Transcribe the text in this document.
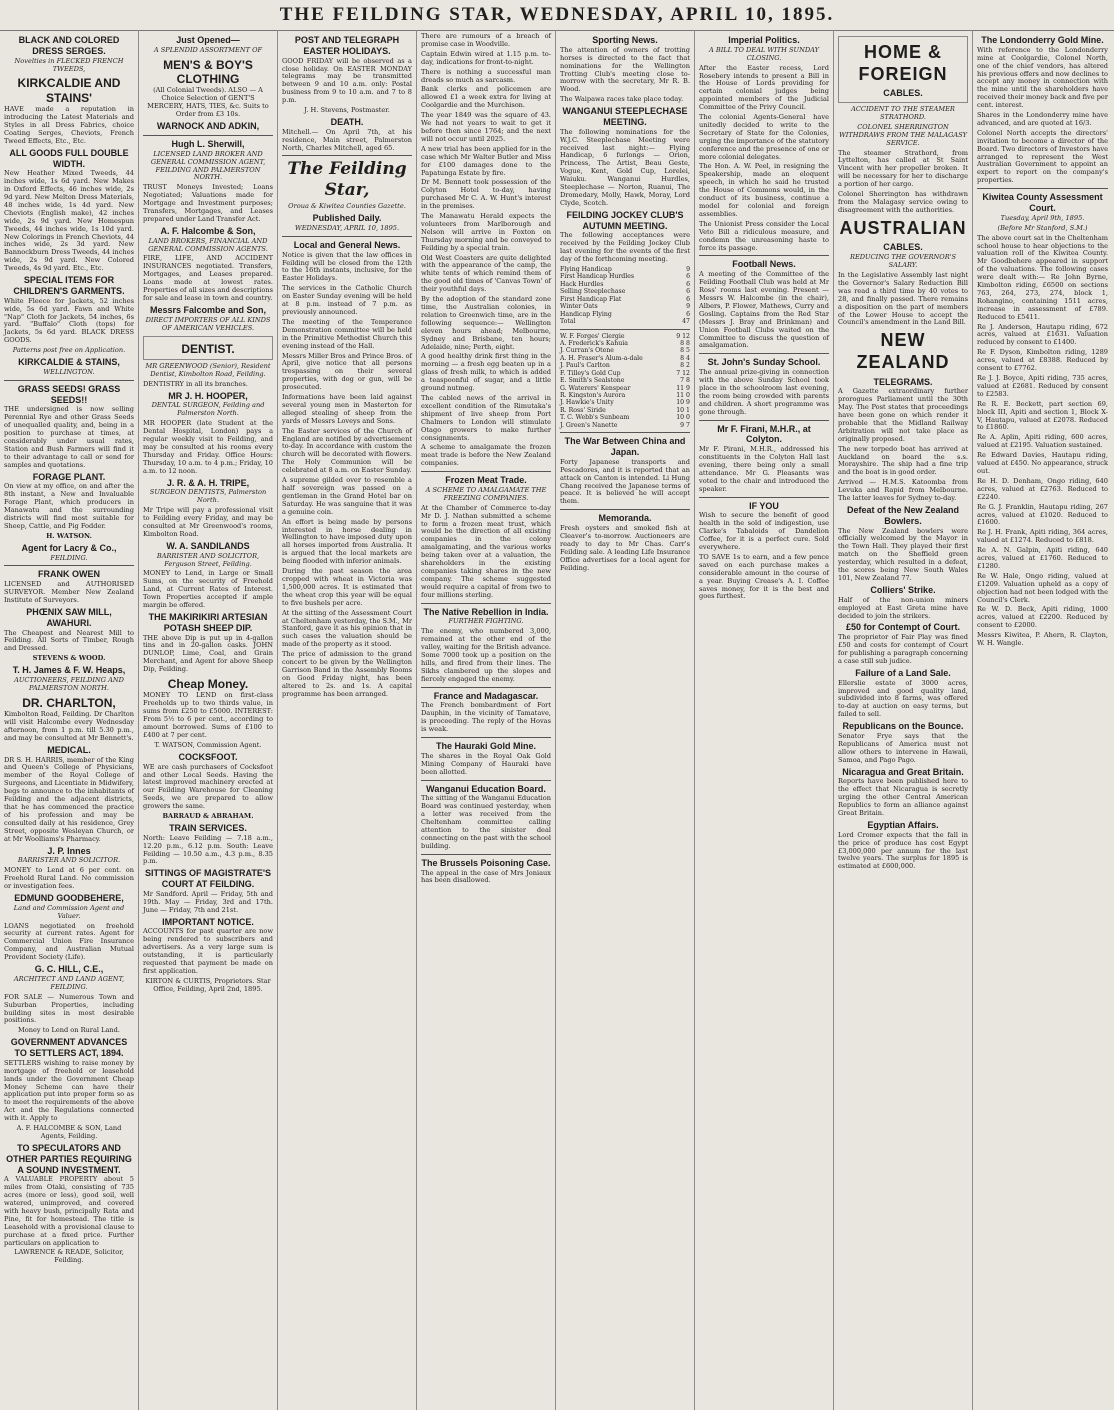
THE FEILDING STAR, WEDNESDAY, APRIL 10, 1895.
BLACK AND COLORED DRESS SERGES.
Novelties in FLECKED FRENCH TWEEDS,
KIRKCALDIE AND STAINS'
HAVE made a reputation in introducing the Latest Materials and Styles in all Dress Fabrics, choice Coating Serges, Cheviots, French Tweed Effects, Etc., Etc.
ALL GOODS FULL DOUBLE WIDTH.
New Heather Mixed Tweeds, 44 inches wide, 1s 6d yard. New Makes in Oxford Effects, 46 inches wide, 2s 9d yard. New Melton Dress Materials, 48 inches wide, 1s 4d yard. New Cheviots (English make), 42 inches wide, 2s 9d yard. New Homespun Tweeds, 44 inches wide, 1s 10d yard. New Colorings in French Cheviots, 44 inches wide, 2s 3d yard. New Bannockburn Dress Tweeds, 44 inches wide, 2s 9d yard. New Colored Tweeds, 4s 9d yard. Etc., Etc.
SPECIAL ITEMS FOR CHILDREN'S GARMENTS.
White Fleece for Jackets, 52 inches wide, 5s 6d yard. Fawn and White "Nap" Cloth for Jackets, 54 inches, 6s yard. "Buffalo" Cloth (tops) for Jackets, 5s 6d yard. BLACK DRESS GOODS.
Patterns post free on Application.
KIRKCALDIE & STAINS,
WELLINGTON.
GRASS SEEDS! GRASS SEEDS!!
THE undersigned is now selling Perennial Rye and other Grass Seeds of unequalled quality, and, being in a position to purchase at times, at considerably under usual rates, Station and Bush Farmers will find it to their advantage to call or send for samples and quotations.
FORAGE PLANT.
On view at my office, on and after the 8th instant, a New and Invaluable Forage Plant, which producers in Manawatu and the surrounding districts will find most suitable for Sheep, Cattle, and Pig Fodder.
H. WATSON.
Agent for Lacry & Co.,
FEILDING.
FRANK OWEN
LICENSED and AUTHORISED SURVEYOR. Member New Zealand Institute of Surveyors.
PHŒNIX SAW MILL, AWAHURI.
The Cheapest and Nearest Mill to Feilding. All Sorts of Timber, Rough and Dressed.
STEVENS & WOOD.
T. H. James & F. W. Heaps,
AUCTIONEERS, FEILDING AND PALMERSTON NORTH.
DR. CHARLTON,
Kimbolton Road, Feilding. Dr Charlton will visit Halcombe every Wednesday afternoon, from 1 p.m. till 5.30 p.m., and may be consulted at Mr Bennett's.
MEDICAL.
DR S. H. HARRIS, member of the King and Queen's College of Physicians, member of the Royal College of Surgeons, and Licentiate in Midwifery, begs to announce to the inhabitants of Feilding and the adjacent districts, that he has commenced the practice of his profession and may be consulted daily at his residence, Grey Street, opposite Wesleyan Church, or at Mr Woolliams's Pharmacy.
J. P. Innes
BARRISTER AND SOLICITOR.
MONEY to Lend at 6 per cent. on Freehold Rural Land. No commission or investigation fees.
EDMUND GOODBEHERE,
Land and Commission Agent and Valuer.
LOANS negotiated on freehold security at current rates. Agent for Commercial Union Fire Insurance Company, and Australian Mutual Provident Society (Life).
G. C. HILL, C.E.,
ARCHITECT AND LAND AGENT, FEILDING.
FOR SALE — Numerous Town and Suburban Properties, including building sites in most desirable positions.
Money to Lend on Rural Land.
GOVERNMENT ADVANCES TO SETTLERS ACT, 1894.
SETTLERS wishing to raise money by mortgage of freehold or leasehold lands under the Government Cheap Money Scheme can have their application put into proper form so as to meet the requirements of the above Act and the Regulations connected with it. Apply to
A. F. HALCOMBE & SON, Land Agents, Feilding.
TO SPECULATORS AND OTHER PARTIES REQUIRING A SOUND INVESTMENT.
A VALUABLE PROPERTY about 5 miles from Otaki, consisting of 735 acres (more or less), good soil, well watered, unimproved, and covered with heavy bush, principally Rata and Pine, fit for homestead. The title is Leasehold with a provisional clause to purchase at a fixed price. Further particulars on application to
LAWRENCE & READE, Solicitor, Feilding.
Just Opened—
A SPLENDID ASSORTMENT OF
MEN'S & BOY'S CLOTHING
(All Colonial Tweeds). ALSO — A Choice Selection of GENT'S MERCERY, HATS, TIES, &c. Suits to Order from £3 10s.
WARNOCK AND ADKIN,
Hugh L. Sherwill,
LICENSED LAND BROKER AND GENERAL COMMISSION AGENT, FEILDING AND PALMERSTON NORTH.
TRUST Moneys Invested; Loans Negotiated; Valuations made for Mortgage and Investment purposes; Transfers, Mortgages, and Leases prepared under Land Transfer Act.
A. F. Halcombe & Son,
LAND BROKERS, FINANCIAL AND GENERAL COMMISSION AGENTS.
FIRE, LIFE, AND ACCIDENT INSURANCES negotiated. Transfers, Mortgages, and Leases prepared. Loans made at lowest rates. Properties of all sizes and descriptions for sale and lease in town and country.
Messrs Falcombe and Son,
DIRECT IMPORTERS OF ALL KINDS OF AMERICAN VEHICLES.
DENTIST.
MR GREENWOOD (Senior), Resident Dentist, Kimbolton Road, Feilding.
DENTISTRY in all its branches.
MR J. H. HOOPER,
DENTAL SURGEON, Feilding and Palmerston North.
MR HOOPER (late Student at the Dental Hospital, London) pays a regular weekly visit to Feilding, and may be consulted at his rooms every Thursday and Friday. Office Hours: Thursday, 10 a.m. to 4 p.m.; Friday, 10 a.m. to 12 noon.
J. R. & A. H. TRIPE,
SURGEON DENTISTS, Palmerston North.
Mr Tripe will pay a professional visit to Feilding every Friday, and may be consulted at Mr Greenwood's rooms, Kimbolton Road.
W. A. SANDILANDS
BARRISTER AND SOLICITOR, Ferguson Street, Feilding.
MONEY to Lend, in Large or Small Sums, on the security of Freehold Land, at Current Rates of Interest. Town Properties accepted if ample margin be offered.
THE MAKIRIKIRI ARTESIAN POTASH SHEEP DIP.
THE above Dip is put up in 4-gallon tins and in 20-gallon casks. JOHN DUNLOP, Lime, Coal, and Grain Merchant, and Agent for above Sheep Dip, Feilding.
Cheap Money.
MONEY TO LEND on first-class Freeholds up to two thirds value, in sums from £250 to £5000. INTEREST: From 5½ to 6 per cent., according to amount borrowed. Sums of £100 to £400 at 7 per cent.
T. WATSON, Commission Agent.
COCKSFOOT.
WE are cash purchasers of Cocksfoot and other Local Seeds. Having the latest improved machinery erected at our Feilding Warehouse for Cleaning Seeds, we are prepared to allow growers the same.
BARRAUD & ABRAHAM.
TRAIN SERVICES.
North: Leave Feilding — 7.18 a.m., 12.20 p.m., 6.12 p.m. South: Leave Feilding — 10.50 a.m., 4.3 p.m., 8.35 p.m.
SITTINGS OF MAGISTRATE'S COURT AT FEILDING.
Mr Sandford. April — Friday, 5th and 19th. May — Friday, 3rd and 17th. June — Friday, 7th and 21st.
IMPORTANT NOTICE.
ACCOUNTS for past quarter are now being rendered to subscribers and advertisers. As a very large sum is outstanding, it is particularly requested that payment be made on first application.
KIRTON & CURTIS, Proprietors. Star Office, Feilding, April 2nd, 1895.
POST AND TELEGRAPH EASTER HOLIDAYS.
GOOD FRIDAY will be observed as a close holiday. On EASTER MONDAY telegrams may be transmitted between 9 and 10 a.m. only: Postal business from 9 to 10 a.m. and 7 to 8 p.m.
J. H. Stevens, Postmaster.
DEATH.
Mitchell.— On April 7th, at his residence, Main street, Palmerston North, Charles Mitchell, aged 65.
The Feilding Star,
Oroua & Kiwitea Counties Gazette.
Published Daily.
WEDNESDAY, APRIL 10, 1895.
Local and General News.
Notice is given that the law offices in Feilding will be closed from the 12th to the 16th instants, inclusive, for the Easter Holidays.
The services in the Catholic Church on Easter Sunday evening will be held at 8 p.m. instead of 7 p.m. as previously announced.
The meeting of the Temperance Demonstration committee will be held in the Primitive Methodist Church this evening instead of the Hall.
Messrs Miller Bros and Prince Bros. of April, give notice that all persons trespassing on their several properties, with dog or gun, will be prosecuted.
Informations have been laid against several young men in Masterton for alleged stealing of sheep from the yards of Messrs Loveys and Sons.
The Easter services of the Church of England are notified by advertisement to-day. In accordance with custom the church will be decorated with flowers. The Holy Communion will be celebrated at 8 a.m. on Easter Sunday.
A supreme gilded over to resemble a half sovereign was passed on a gentleman in the Grand Hotel bar on Saturday. He was sanguine that it was a genuine coin.
An effort is being made by persons interested in horse dealing in Wellington to have imposed duty upon all horses imported from Australia. It is argued that the local markets are being flooded with inferior animals.
During the past season the area cropped with wheat in Victoria was 1,500,000 acres. It is estimated that the wheat crop this year will be equal to five bushels per acre.
At the sitting of the Assessment Court at Cheltenham yesterday, the S.M., Mr Stanford, gave it as his opinion that in such cases the valuation should be made of the property as it stood.
The price of admission to the grand concert to be given by the Wellington Garrison Band in the Assembly Rooms on Good Friday night, has been altered to 2s. and 1s. A capital programme has been arranged.
There are rumours of a breach of promise case in Woodville.
Captain Edwin wired at 1.15 p.m. to-day, indications for front-to-night.
There is nothing a successful man dreads so much as sarcasm.
Bank clerks and policemen are allowed £1 a week extra for living at Coolgardie and the Murchison.
The year 1849 was the square of 43. We had not years to wait to get it before then since 1764; and the next will not occur until 2025.
A new trial has been applied for in the case which Mr Walter Butler and Miss for £100 damages done to the Papatunga Estate by fire.
Dr M. Bennett took possession of the Colyton Hotel to-day, having purchased Mr C. A. W. Hunt's interest in the premises.
The Manawatu Herald expects the volunteers from Marlborough and Nelson will arrive in Foxton on Thursday morning and be conveyed to Feilding by a special train.
Old West Coasters are quite delighted with the appearance of the camp, the white tents of which remind them of the good old times of 'Canvas Town' of their youthful days.
By the adoption of the standard zone time, the Australian colonies, in relation to Greenwich time, are in the following sequence:— Wellington eleven hours ahead; Melbourne, Sydney and Brisbane, ten hours; Adelaide, nine; Perth, eight.
A good healthy drink first thing in the morning — a fresh egg beaten up in a glass of fresh milk, to which is added a teaspoonful of sugar, and a little ground nutmeg.
The cabled news of the arrival in excellent condition of the Rimutaka's shipment of live sheep from Port Chalmers to London will stimulate Otago growers to make further consignments.
A scheme to amalgamate the frozen meat trade is before the New Zealand companies.
Frozen Meat Trade.
A SCHEME TO AMALGAMATE THE FREEZING COMPANIES.
At the Chamber of Commerce to-day Mr D. J. Nathan submitted a scheme to form a frozen meat trust, which would be the direction of all existing companies in the colony amalgamating, and the various works being taken over at a valuation, the shareholders in the existing companies taking shares in the new company. The scheme suggested would require a capital of from two to four millions sterling.
The Native Rebellion in India.
FURTHER FIGHTING.
The enemy, who numbered 3,000, remained at the other end of the valley, waiting for the British advance. Some 7000 took up a position on the hills, and fired from their lines. The Sikhs clambered up the slopes and fiercely engaged the enemy.
France and Madagascar.
The French bombardment of Fort Dauphin, in the vicinity of Tamatave, is proceeding. The reply of the Hovas is weak.
The Hauraki Gold Mine.
The shares in the Royal Oak Gold Mining Company of Hauraki have been allotted.
Wanganui Education Board.
The sitting of the Wanganui Education Board was continued yesterday, when a letter was received from the Cheltenham committee calling attention to the sinister deal connecting on the past with the school building.
The Brussels Poisoning Case.
The appeal in the case of Mrs Joniaux has been disallowed.
Sporting News.
The attention of owners of trotting horses is directed to the fact that nominations for the Wellington Trotting Club's meeting close to-morrow with the secretary, Mr R. B. Wood.
The Waipawa races take place today.
WANGANUI STEEPLECHASE MEETING.
The following nominations for the W.J.C. Steeplechase Meeting were received last night:— Flying Handicap, 6 furlongs — Orion, Princess, The Artist, Beau Geste, Vogue, Kent, Gold Cup, Lorelei, Waiuku. Wanganui Hurdles, Steeplechase — Norton, Ruanui, The Dromedary, Molly, Hawk, Moray, Lord Clyde, Scotch.
FEILDING JOCKEY CLUB'S AUTUMN MEETING.
The following acceptances were received by the Feilding Jockey Club last evening for the events of the first day of the forthcoming meeting.
Flying Handicap	9
First Handicap Hurdles	6
Hack Hurdles	6
Selling Steeplechase	6
First Handicap Flat	6
Winter Oats	9
Handicap Flying	6
Total	47
W. F. Forges' Clergie	9 12
A. Frederick's Kahuia	8 8
J. Curran's Otene	8 5
A. H. Fraser's Alum-a-dale	8 4
J. Paul's Carlton	8 2
F. Tilley's Gold Cup	7 12
E. Smith's Sealstone	7 8
G. Waterers' Kenspear	11 9
R. Kingston's Aurora	11 0
J. Hawkie's Unity	10 9
R. Ross' Siride	10 1
T. C. Webb's Sunbeam	10 0
J. Green's Nanette	9 7
The War Between China and Japan.
Forty Japanese transports and Pescadores, and it is reported that an attack on Canton is intended. Li Hung Chang received the Japanese terms of peace. It is believed he will accept them.
Memoranda.
Fresh oysters and smoked fish at Cleaver's to-morrow. Auctioneers are ready to day to Mr Chas. Carr's Feilding sale. A leading Life Insurance Office advertises for a local agent for Feilding.
Imperial Politics.
A BILL TO DEAL WITH SUNDAY CLOSING.
After the Easter recess, Lord Rosebery intends to present a Bill in the House of Lords providing for certain colonial judges being appointed members of the Judicial Committee of the Privy Council.
The colonial Agents-General have unitedly decided to write to the Secretary of State for the Colonies, urging the importance of the statutory conference and the presence of one or more colonial delegates.
The Hon. A. W. Peel, in resigning the Speakership, made an eloquent speech, in which he said he trusted the House of Commons would, in the conduct of its business, continue a model for colonial and foreign assemblies.
The Unionist Press consider the Local Veto Bill a ridiculous measure, and condemn the unreasoning haste to force its passage.
Football News.
A meeting of the Committee of the Feilding Football Club was held at Mr Ross' rooms last evening. Present — Messrs W. Halcombe (in the chair), Albers, P. Flower, Mathews, Curry and Gosling. Captains from the Red Star (Messrs J. Bray and Brinkman) and Union Football Clubs waited on the Committee to discuss the question of amalgamation.
St. John's Sunday School.
The annual prize-giving in connection with the above Sunday School took place in the schoolroom last evening, the room being crowded with parents and children. A short programme was gone through.
Mr F. Firani, M.H.R., at Colyton.
Mr F. Pirani, M.H.R., addressed his constituents in the Colyton Hall last evening, there being only a small attendance. Mr G. Pleasants was voted to the chair and introduced the speaker.
IF YOU
Wish to secure the benefit of good health in the sold of indigestion, use Clarke's Tabaloids of Dandelion Coffee, for it is a perfect cure. Sold everywhere.
TO SAVE 1s to earn, and a few pence saved on each purchase makes a considerable amount in the course of a year. Buying Crease's A. I. Coffee saves money, for it is the best and goes furthest.
HOME & FOREIGN
CABLES.
ACCIDENT TO THE STEAMER STRATHORD.
COLONEL SHERRINGTON WITHDRAWS FROM THE MALAGASY SERVICE.
The steamer Strathord, from Lyttelton, has called at St Saint Vincent with her propeller broken. It will be necessary for her to discharge a portion of her cargo.
Colonel Sherrington has withdrawn from the Malagasy service owing to disagreement with the authorities.
AUSTRALIAN
CABLES.
REDUCING THE GOVERNOR'S SALARY.
In the Legislative Assembly last night the Governor's Salary Reduction Bill was read a third time by 40 votes to 28, and finally passed. There remains a disposition on the part of members of the Lower House to accept the Council's amendment in the Land Bill.
NEW ZEALAND
TELEGRAMS.
A Gazette extraordinary further prorogues Parliament until the 30th May. The Post states that proceedings have been gone on which render it probable that the Midland Railway Arbitration will not take place as originally proposed.
The new torpedo boat has arrived at Auckland on board the s.s. Morayshire. The ship had a fine trip and the boat is in good order.
Arrived — H.M.S. Katoomba from Levuka and Rapid from Melbourne. The latter leaves for Sydney to-day.
Defeat of the New Zealand Bowlers.
The New Zealand bowlers were officially welcomed by the Mayor in the Town Hall. They played their first match on the Sheffield green yesterday, which resulted in a defeat, the scores being New South Wales 101, New Zealand 77.
Colliers' Strike.
Half of the non-union miners employed at East Greta mine have decided to join the strikers.
£50 for Contempt of Court.
The proprietor of Fair Play was fined £50 and costs for contempt of Court for publishing a paragraph concerning a case still sub judice.
Failure of a Land Sale.
Ellerslie estate of 3000 acres, improved and good quality land, subdivided into 8 farms, was offered to-day at auction on easy terms, but failed to sell.
Republicans on the Bounce.
Senator Frye says that the Republicans of America must not allow others to intervene in Hawaii, Samoa, and Pago Pago.
Nicaragua and Great Britain.
Reports have been published here to the effect that Nicaragua is secretly urging the other Central American Republics to form an alliance against Great Britain.
Egyptian Affairs.
Lord Cromer expects that the fall in the price of produce has cost Egypt £3,000,000 per annum for the last twelve years. The surplus for 1895 is estimated at £600,000.
The Londonderry Gold Mine.
With reference to the Londonderry mine at Coolgardie, Colonel North, one of the chief vendors, has altered his previous offers and now declines to accept any money in connection with the mine until the shareholders have received their money back and five per cent. interest.
Shares in the Londonderry mine have advanced, and are quoted at 16/3.
Colonel North accepts the directors' invitation to become a director of the Board. Two directors of Investors have arranged to represent the West Australian Government to appoint an expert to report on the company's properties.
Kiwitea County Assessment Court.
Tuesday, April 9th, 1895.
(Before Mr Stanford, S.M.)
The above court sat in the Cheltenham school house to hear objections to the valuation roll of the Kiwitea County. Mr Goodbehere appeared in support of the valuations. The following cases were dealt with:— Re John Byrne, Kimbolton riding, £6500 on sections 763, 264, 273, 274, block 1, Rohangino, containing 1511 acres, increase in assessment of £789. Reduced to £5411.
Re J. Anderson, Hautapu riding, 672 acres, valued at £1631. Valuation reduced by consent to £1400.
Re F. Dyson, Kimbolton riding, 1289 acres, valued at £8388. Reduced by consent to £7762.
Re J. J. Boyce, Apiti riding, 735 acres, valued at £2681. Reduced by consent to £2583.
Re R. E. Beckett, part section 69, block III, Apiti and section 1, Block X-V, Hautapu, valued at £2078. Reduced to £1860.
Re A. Aplin, Apiti riding, 600 acres, valued at £2195. Valuation sustained.
Re Edward Davies, Hautapu riding, valued at £450. No appearance, struck out.
Re H. D. Denham, Ongo riding, 640 acres, valued at £2763. Reduced to £2240.
Re G. J. Franklin, Hautapu riding, 267 acres, valued at £1020. Reduced to £1600.
Re J. H. Frank, Apiti riding, 364 acres, valued at £1274. Reduced to £818.
Re A. N. Galpin, Apiti riding, 640 acres, valued at £1760. Reduced to £1280.
Re W. Hale, Ongo riding, valued at £1209. Valuation upheld as a copy of objection had not been lodged with the Council's Clerk.
Re W. D. Beck, Apiti riding, 1000 acres, valued at £2200. Reduced by consent to £2000.
Messrs Kiwitea, P. Ahern, R. Clayton, W. H. Wangle.
